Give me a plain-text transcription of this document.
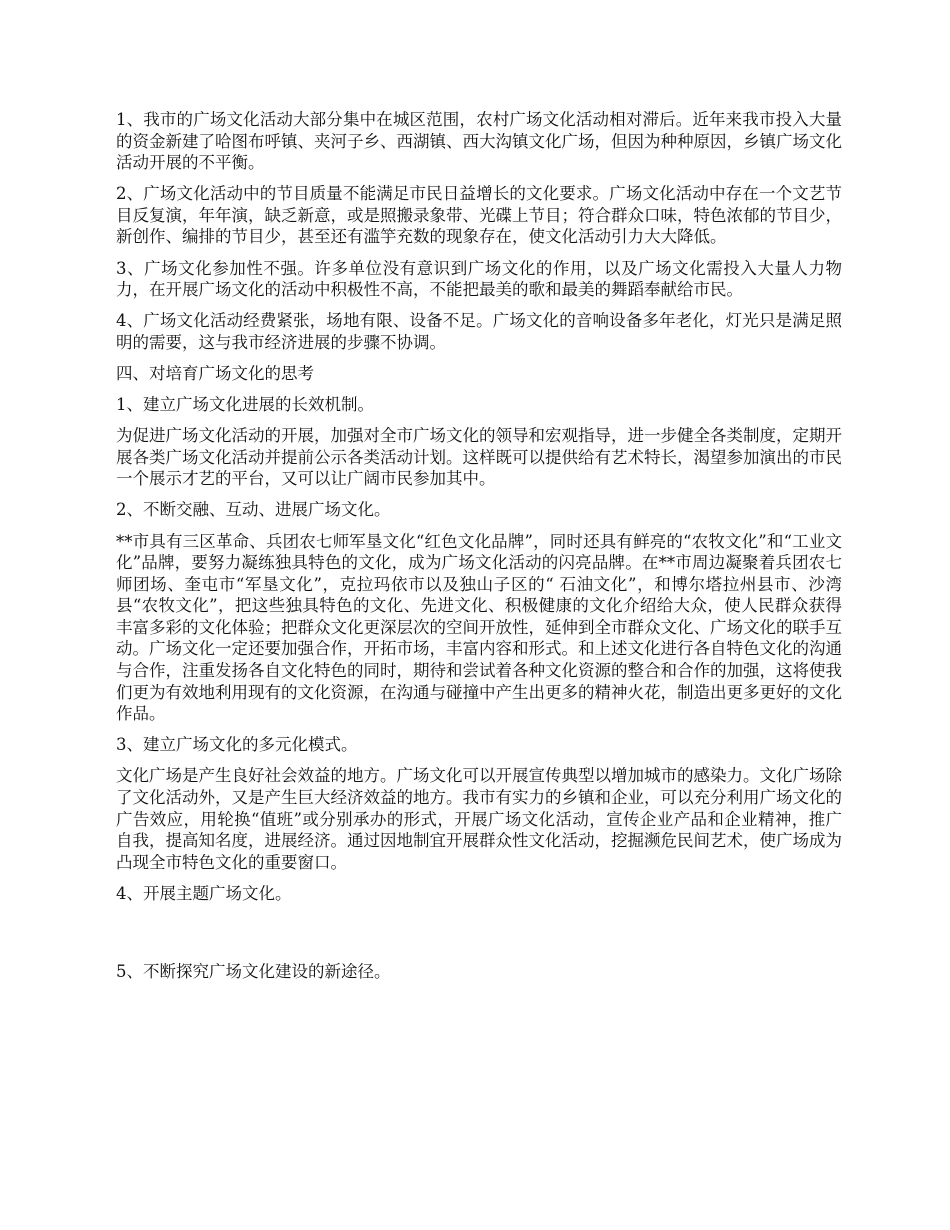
1、我市的广场文化活动大部分集中在城区范围，农村广场文化活动相对滞后。近年来我市投入大量的资金新建了哈图布呼镇、夹河子乡、西湖镇、西大沟镇文化广场，但因为种种原因，乡镇广场文化活动开展的不平衡。

2、广场文化活动中的节目质量不能满足市民日益增长的文化要求。广场文化活动中存在一个文艺节目反复演，年年演，缺乏新意，或是照搬录象带、光碟上节目；符合群众口味，特色浓郁的节目少，新创作、编排的节目少，甚至还有滥竽充数的现象存在，使文化活动引力大大降低。

3、广场文化参加性不强。许多单位没有意识到广场文化的作用，以及广场文化需投入大量人力物力，在开展广场文化的活动中积极性不高，不能把最美的歌和最美的舞蹈奉献给市民。

4、广场文化活动经费紧张，场地有限、设备不足。广场文化的音响设备多年老化，灯光只是满足照明的需要，这与我市经济进展的步骤不协调。

四、对培育广场文化的思考

1、建立广场文化进展的长效机制。

为促进广场文化活动的开展，加强对全市广场文化的领导和宏观指导，进一步健全各类制度，定期开展各类广场文化活动并提前公示各类活动计划。这样既可以提供给有艺术特长，渴望参加演出的市民一个展示才艺的平台，又可以让广阔市民参加其中。

2、不断交融、互动、进展广场文化。

**市具有三区革命、兵团农七师军垦文化“红色文化品牌”，同时还具有鲜亮的“农牧文化”和“工业文化”品牌，要努力凝练独具特色的文化，成为广场文化活动的闪亮品牌。在**市周边凝聚着兵团农七师团场、奎屯市“军垦文化”，克拉玛依市以及独山子区的“ 石油文化”，和博尔塔拉州县市、沙湾县“农牧文化”，把这些独具特色的文化、先进文化、积极健康的文化介绍给大众，使人民群众获得丰富多彩的文化体验；把群众文化更深层次的空间开放性，延伸到全市群众文化、广场文化的联手互动。广场文化一定还要加强合作，开拓市场，丰富内容和形式。和上述文化进行各自特色文化的沟通与合作，注重发扬各自文化特色的同时，期待和尝试着各种文化资源的整合和合作的加强，这将使我们更为有效地利用现有的文化资源，在沟通与碰撞中产生出更多的精神火花，制造出更多更好的文化作品。

3、建立广场文化的多元化模式。

文化广场是产生良好社会效益的地方。广场文化可以开展宣传典型以增加城市的感染力。文化广场除了文化活动外，又是产生巨大经济效益的地方。我市有实力的乡镇和企业，可以充分利用广场文化的广告效应，用轮换“值班”或分别承办的形式，开展广场文化活动，宣传企业产品和企业精神，推广自我，提高知名度，进展经济。通过因地制宜开展群众性文化活动，挖掘濒危民间艺术，使广场成为凸现全市特色文化的重要窗口。

4、开展主题广场文化。

5、不断探究广场文化建设的新途径。
